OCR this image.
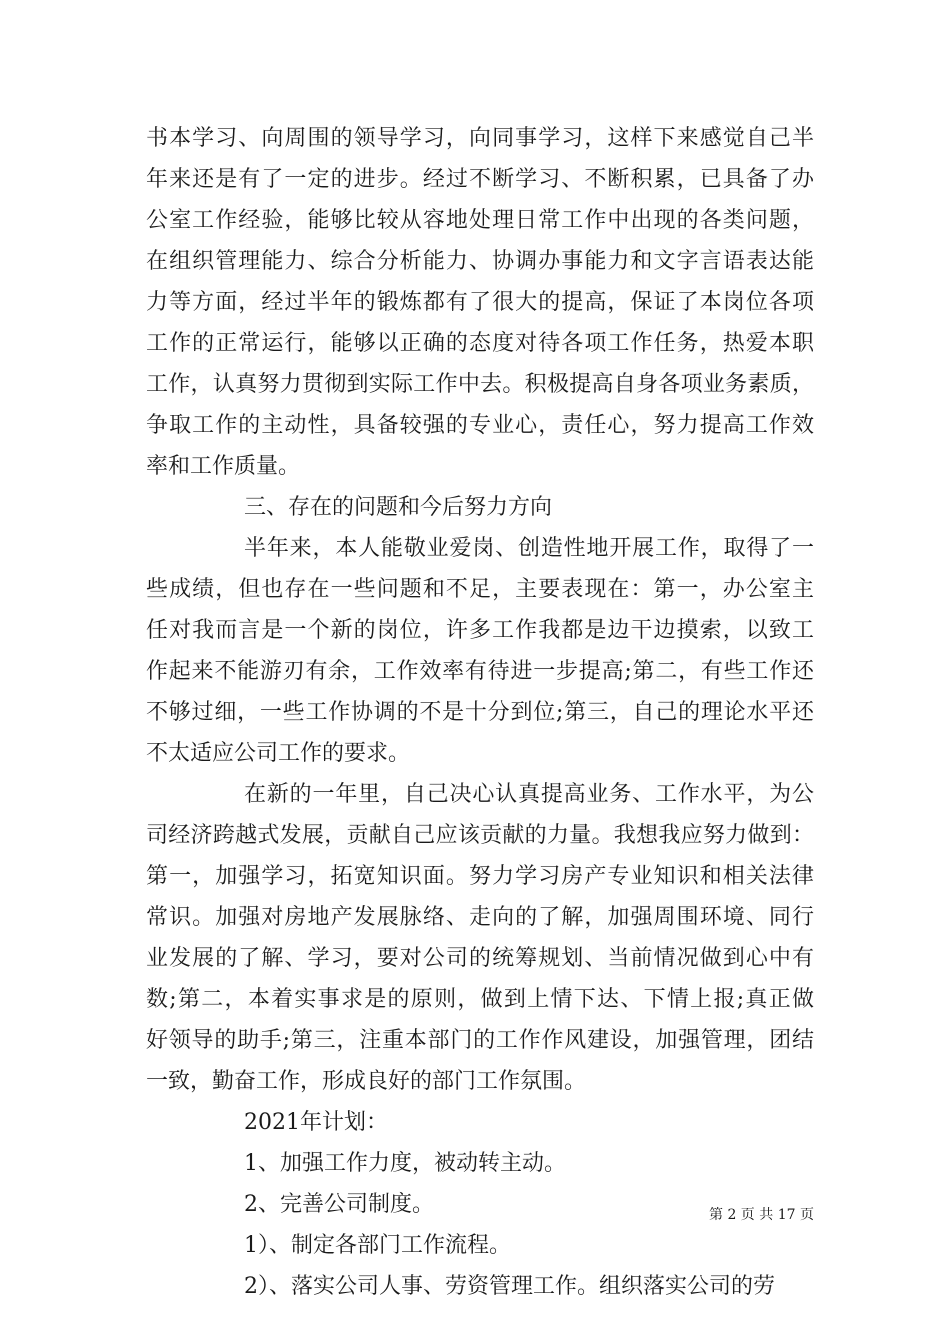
书本学习、向周围的领导学习，向同事学习，这样下来感觉自己半
年来还是有了一定的进步。经过不断学习、不断积累，已具备了办
公室工作经验，能够比较从容地处理日常工作中出现的各类问题，
在组织管理能力、综合分析能力、协调办事能力和文字言语表达能
力等方面，经过半年的锻炼都有了很大的提高，保证了本岗位各项
工作的正常运行，能够以正确的态度对待各项工作任务，热爱本职
工作，认真努力贯彻到实际工作中去。积极提高自身各项业务素质，
争取工作的主动性，具备较强的专业心，责任心，努力提高工作效
率和工作质量。
三、存在的问题和今后努力方向
半年来，本人能敬业爱岗、创造性地开展工作，取得了一
些成绩，但也存在一些问题和不足，主要表现在：第一，办公室主
任对我而言是一个新的岗位，许多工作我都是边干边摸索，以致工
作起来不能游刃有余，工作效率有待进一步提高;第二，有些工作还
不够过细，一些工作协调的不是十分到位;第三，自己的理论水平还
不太适应公司工作的要求。
在新的一年里，自己决心认真提高业务、工作水平，为公
司经济跨越式发展，贡献自己应该贡献的力量。我想我应努力做到：
第一，加强学习，拓宽知识面。努力学习房产专业知识和相关法律
常识。加强对房地产发展脉络、走向的了解，加强周围环境、同行
业发展的了解、学习，要对公司的统筹规划、当前情况做到心中有
数;第二，本着实事求是的原则，做到上情下达、下情上报;真正做
好领导的助手;第三，注重本部门的工作作风建设，加强管理，团结
一致，勤奋工作，形成良好的部门工作氛围。
2021年计划：
1、加强工作力度，被动转主动。
2、完善公司制度。
1）、制定各部门工作流程。
2）、落实公司人事、劳资管理工作。组织落实公司的劳
第 2 页 共 17 页
